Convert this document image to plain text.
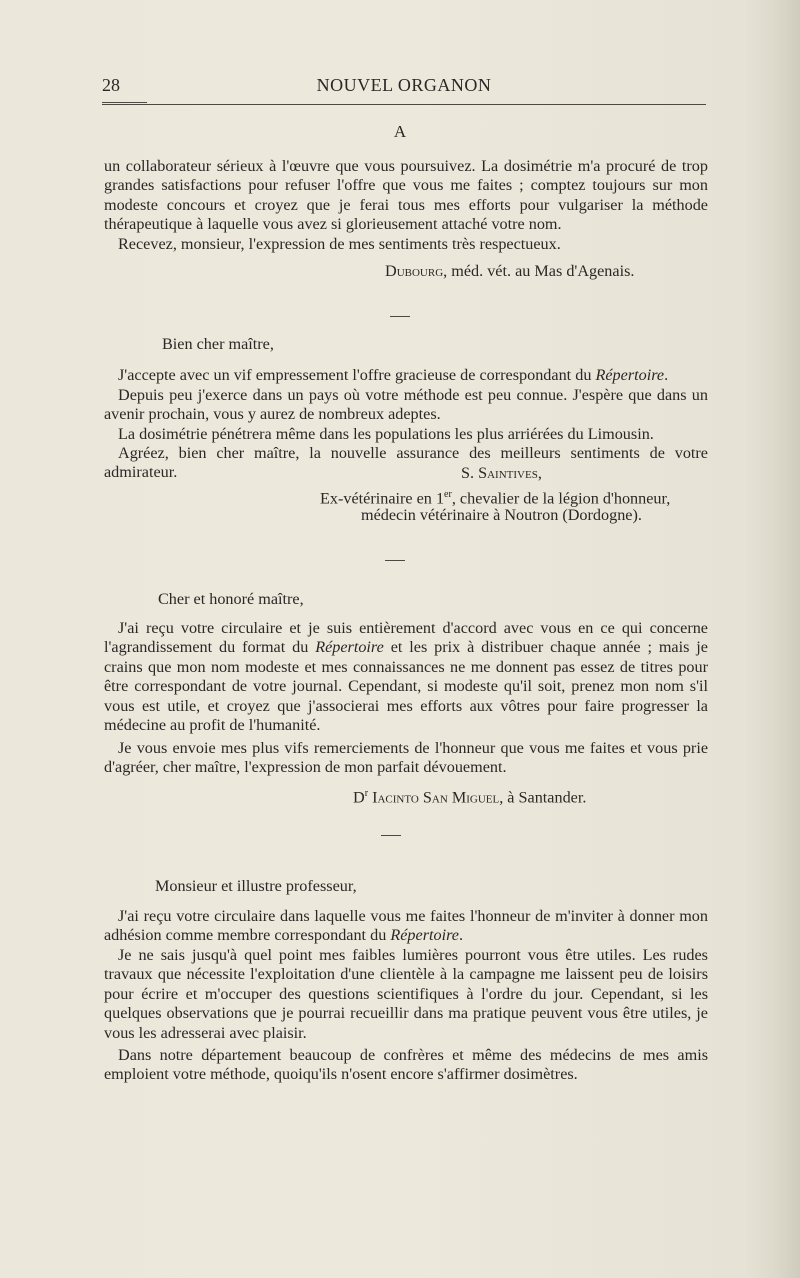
28	NOUVEL ORGANON
A

un collaborateur sérieux à l'œuvre que vous poursuivez. La dosimétrie m'a procuré de trop grandes satisfactions pour refuser l'offre que vous me faites ; comptez toujours sur mon modeste concours et croyez que je ferai tous mes efforts pour vulgariser la méthode thérapeutique à laquelle vous avez si glorieusement attaché votre nom.

Recevez, monsieur, l'expression de mes sentiments très respectueux.

Dubourg, méd. vét. au Mas d'Agenais.
Bien cher maître,

J'accepte avec un vif empressement l'offre gracieuse de correspondant du Répertoire.

Depuis peu j'exerce dans un pays où votre méthode est peu connue. J'espère que dans un avenir prochain, vous y aurez de nombreux adeptes.

La dosimétrie pénétrera même dans les populations les plus arriérées du Limousin.

Agréez, bien cher maître, la nouvelle assurance des meilleurs sentiments de votre admirateur.	S. Saintives,
Ex-vétérinaire en 1er, chevalier de la légion d'honneur,
médecin vétérinaire à Noutron (Dordogne).
Cher et honoré maître,

J'ai reçu votre circulaire et je suis entièrement d'accord avec vous en ce qui concerne l'agrandissement du format du Répertoire et les prix à distribuer chaque année ; mais je crains que mon nom modeste et mes connaissances ne me donnent pas essez de titres pour être correspondant de votre journal. Cependant, si modeste qu'il soit, prenez mon nom s'il vous est utile, et croyez que j'associerai mes efforts aux vôtres pour faire progresser la médecine au profit de l'humanité.

Je vous envoie mes plus vifs remerciements de l'honneur que vous me faites et vous prie d'agréer, cher maître, l'expression de mon parfait dévouement.

$D^r$ Iacinto San Miguel, à Santander.
Monsieur et illustre professeur,

J'ai reçu votre circulaire dans laquelle vous me faites l'honneur de m'inviter à donner mon adhésion comme membre correspondant du Répertoire.

Je ne sais jusqu'à quel point mes faibles lumières pourront vous être utiles. Les rudes travaux que nécessite l'exploitation d'une clientèle à la campagne me laissent peu de loisirs pour écrire et m'occuper des questions scientifiques à l'ordre du jour. Cependant, si les quelques observations que je pourrai recueillir dans ma pratique peuvent vous être utiles, je vous les adresserai avec plaisir.

Dans notre département beaucoup de confrères et même des médecins de mes amis emploient votre méthode, quoiqu'ils n'osent encore s'affirmer dosimètres.
